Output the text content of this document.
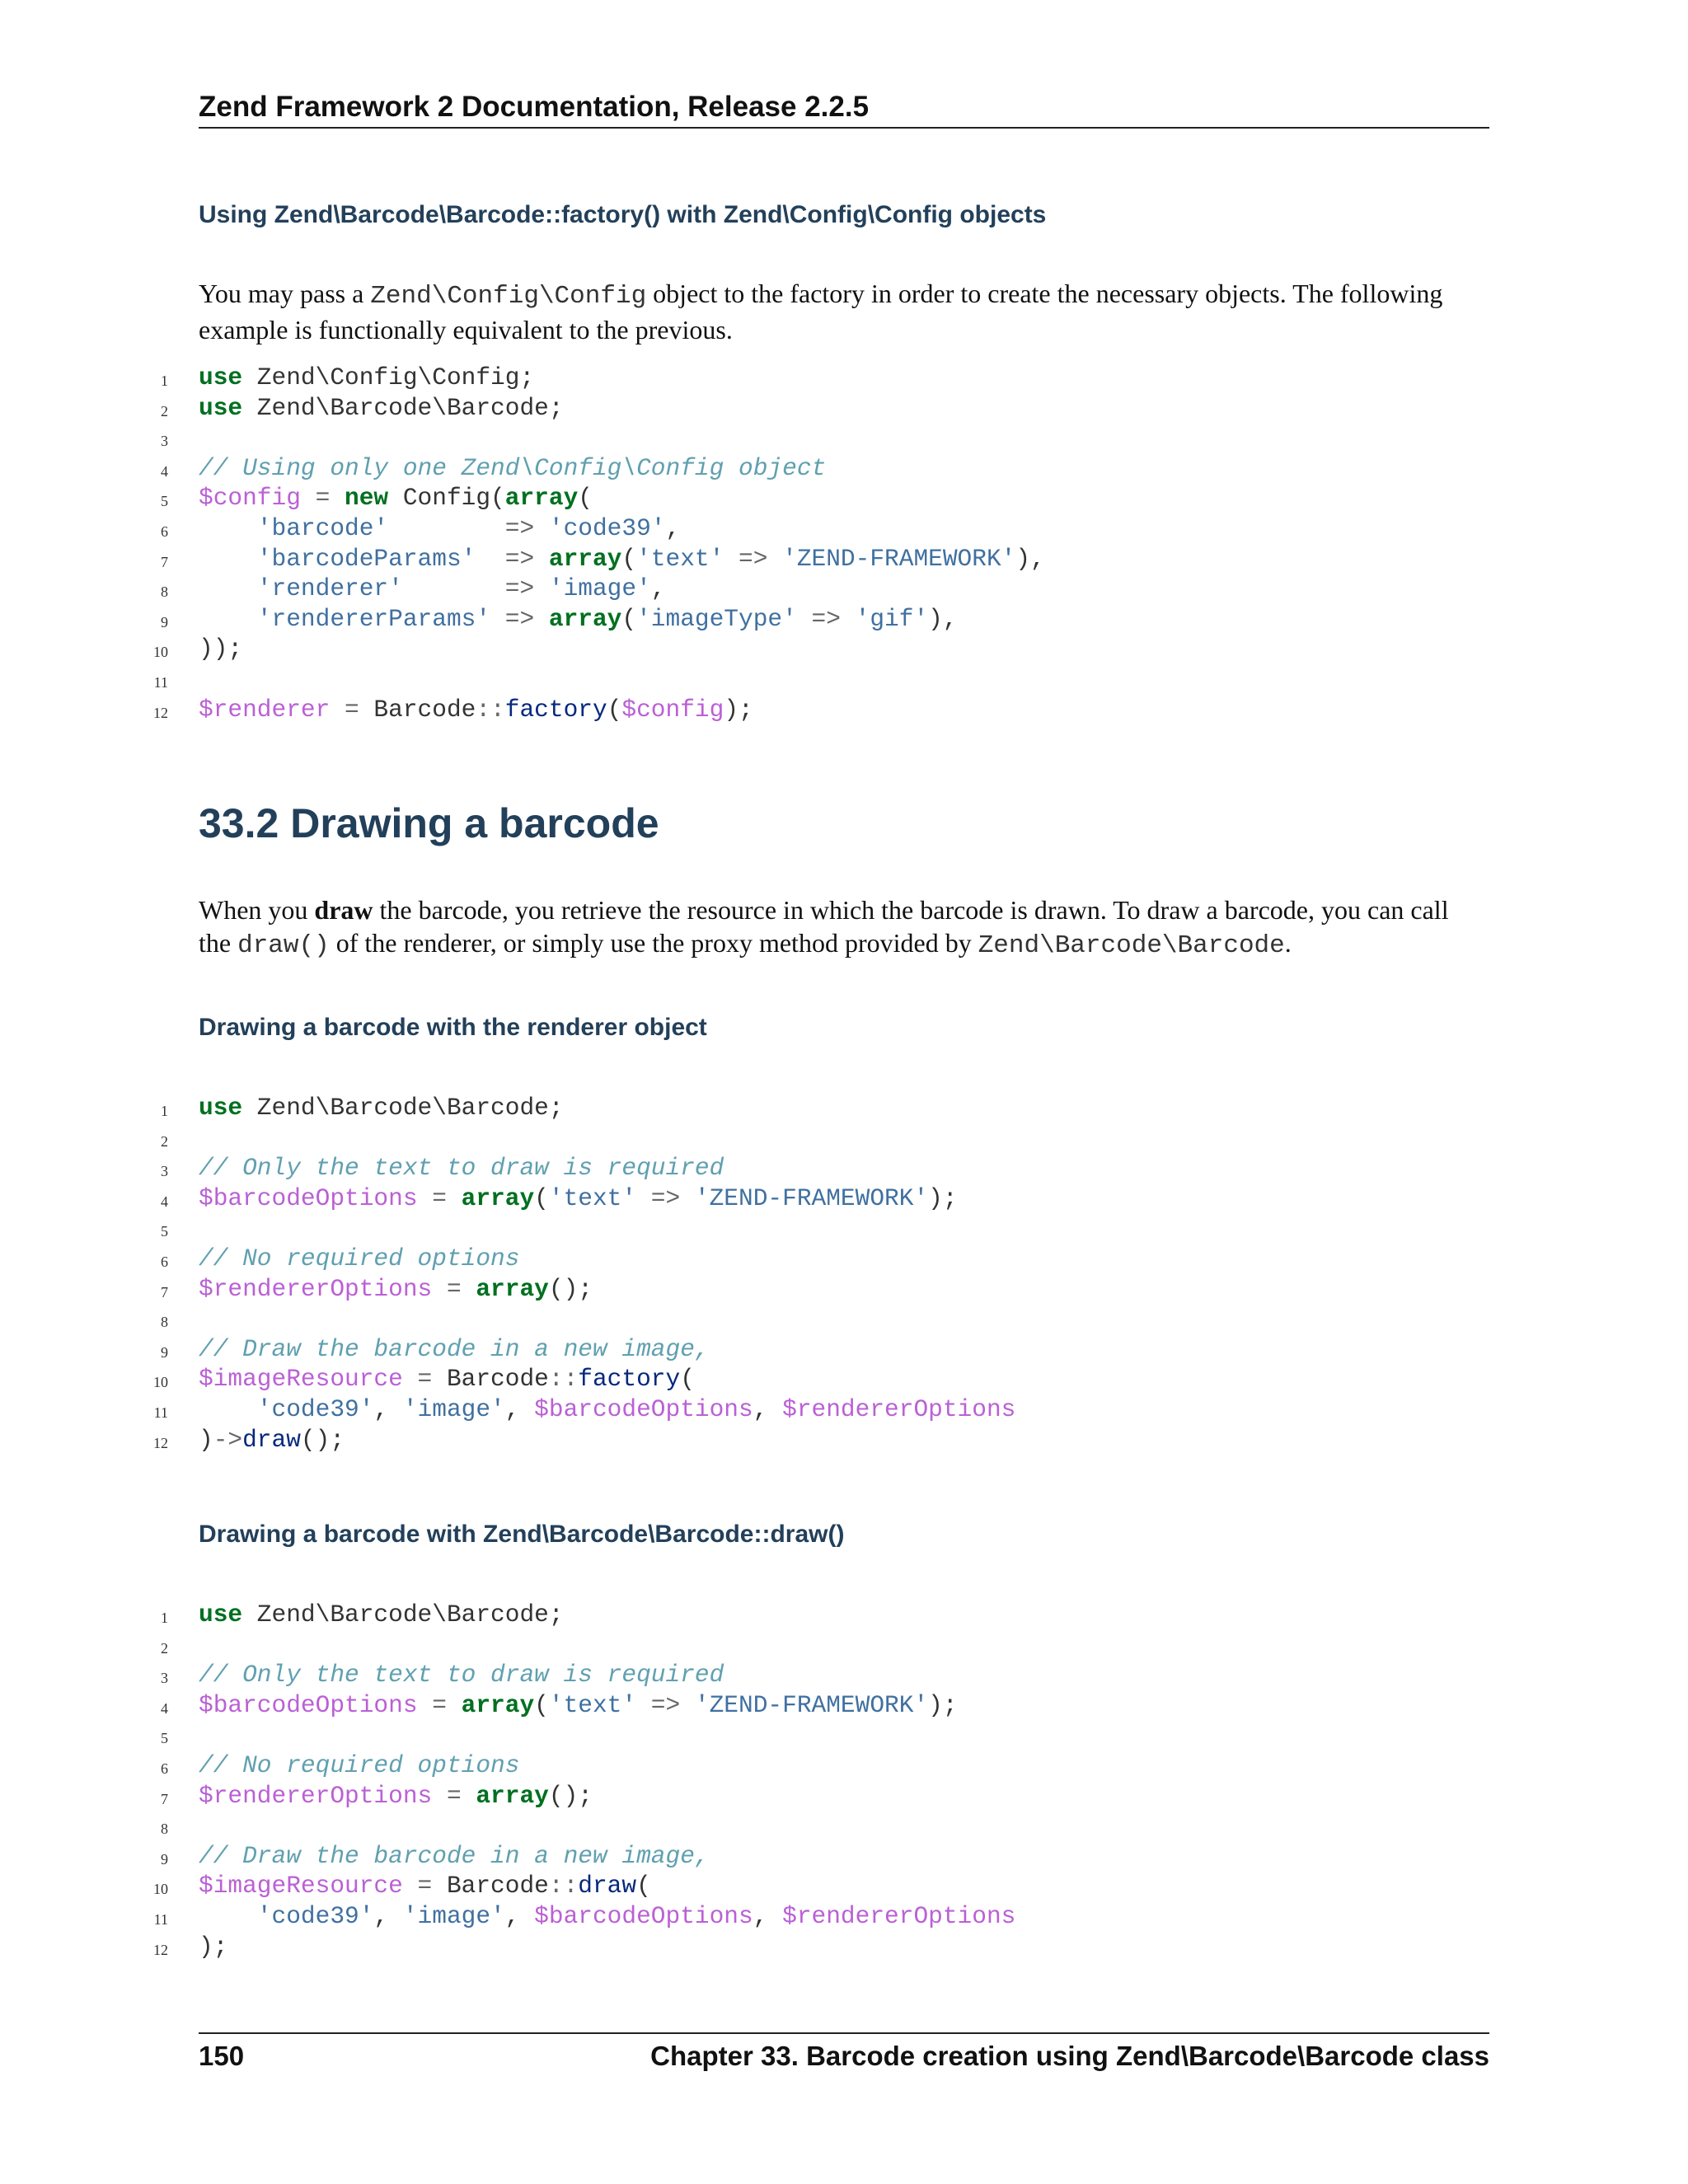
Zend Framework 2 Documentation, Release 2.2.5
Using Zend\Barcode\Barcode::factory() with Zend\Config\Config objects

You may pass a Zend\Config\Config object to the factory in order to create the necessary objects. The following
example is functionally equivalent to the previous.

1 use Zend\Config\Config;
2 use Zend\Barcode\Barcode;
3
4 // Using only one Zend\Config\Config object
5 $config = new Config(array(
6	'barcode'	=> 'code39',
7	'barcodeParams' => array('text' => 'ZEND-FRAMEWORK'),
8	'renderer'	=> 'image',
9	'rendererParams' => array('imageType' => 'gif'),
10 ));
11
12 $renderer = Barcode::factory($config);
33.2 Drawing a barcode

When you draw the barcode, you retrieve the resource in which the barcode is drawn. To draw a barcode, you can call
the draw() of the renderer, or simply use the proxy method provided by Zend\Barcode\Barcode.

Drawing a barcode with the renderer object
1 use Zend\Barcode\Barcode;
2
3 // Only the text to draw is required
4 $barcodeOptions = array('text' => 'ZEND-FRAMEWORK');
5
6 // No required options
7 $rendererOptions = array();
8
9 // Draw the barcode in a new image,
10 $imageResource = Barcode::factory(
11	'code39', 'image', $barcodeOptions, $rendererOptions
12 )->draw();
Drawing a barcode with Zend\Barcode\Barcode::draw()
1 use Zend\Barcode\Barcode;
2
3 // Only the text to draw is required
4 $barcodeOptions = array('text' => 'ZEND-FRAMEWORK');
5
6 // No required options
7 $rendererOptions = array();
8
9 // Draw the barcode in a new image,
10 $imageResource = Barcode::draw(
11	'code39', 'image', $barcodeOptions, $rendererOptions
12 );
150	Chapter 33. Barcode creation using Zend\Barcode\Barcode class
